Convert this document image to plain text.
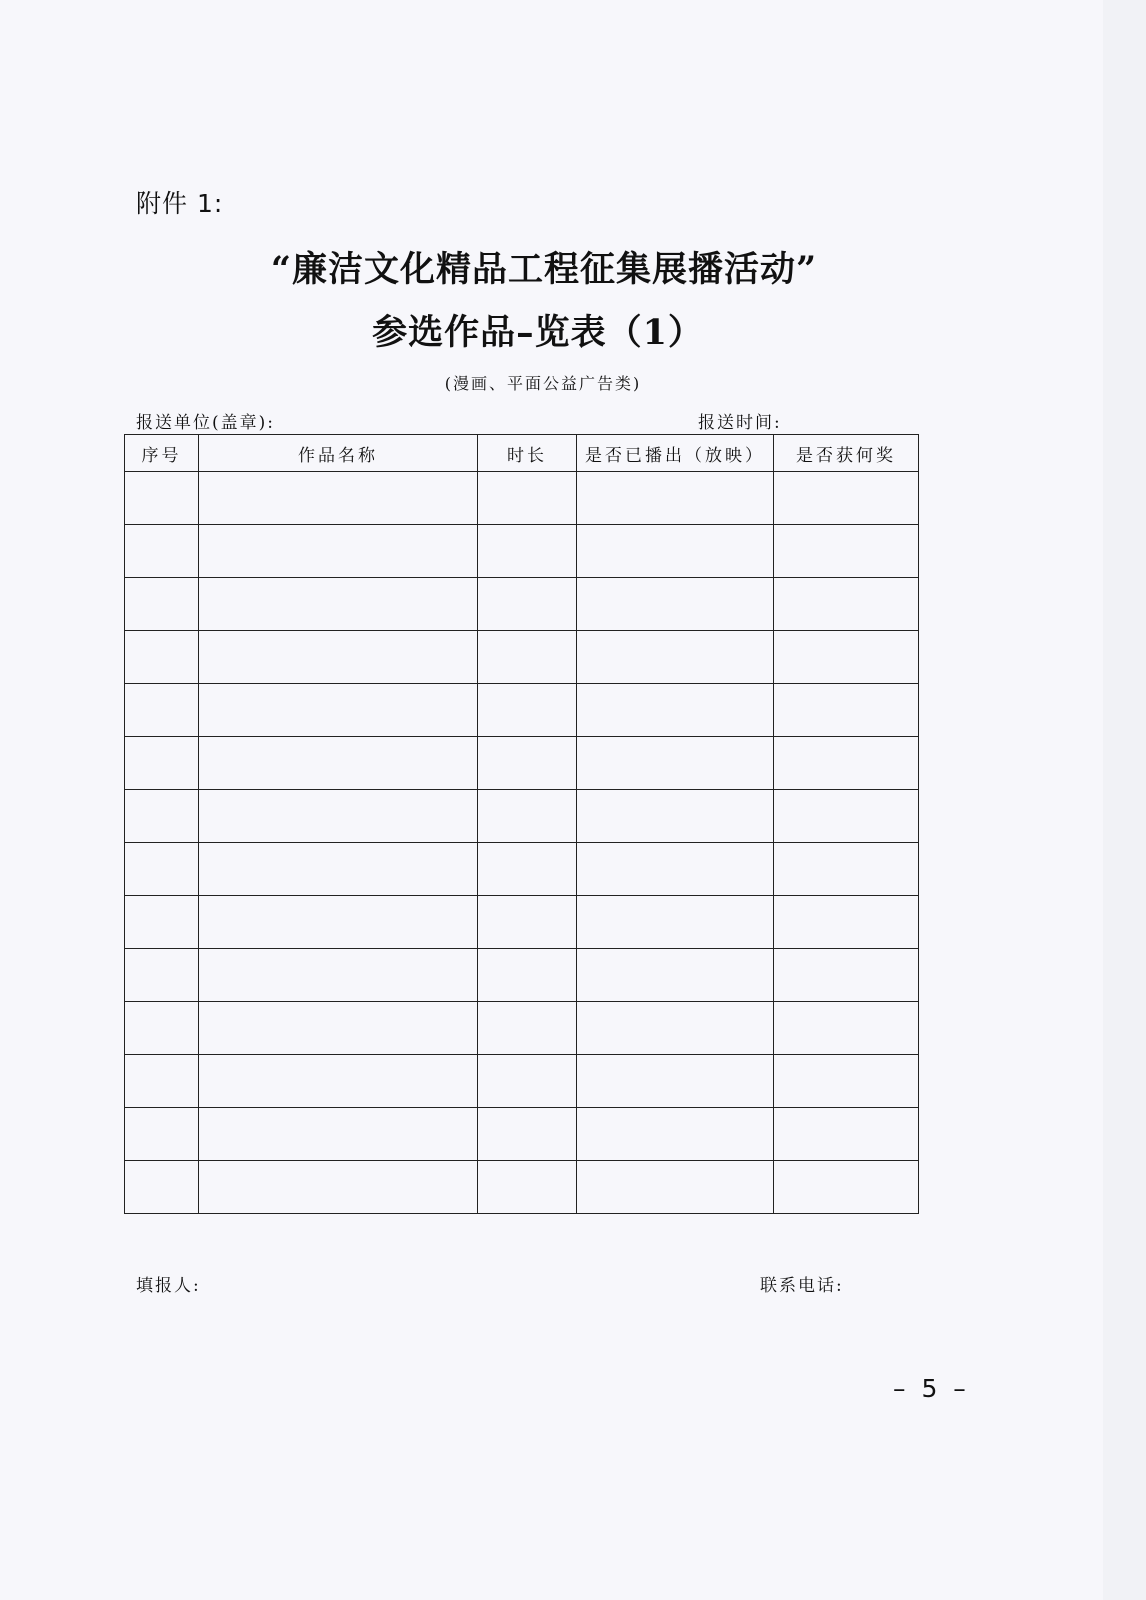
附件 1:
“廉洁文化精品工程征集展播活动”
参选作品–览表（1）
(漫画、平面公益广告类)
报送单位(盖章):	报送时间:
序号	作品名称	时长	是否已播出（放映）	是否获何奖

填报人:	联系电话:
– 5 –
